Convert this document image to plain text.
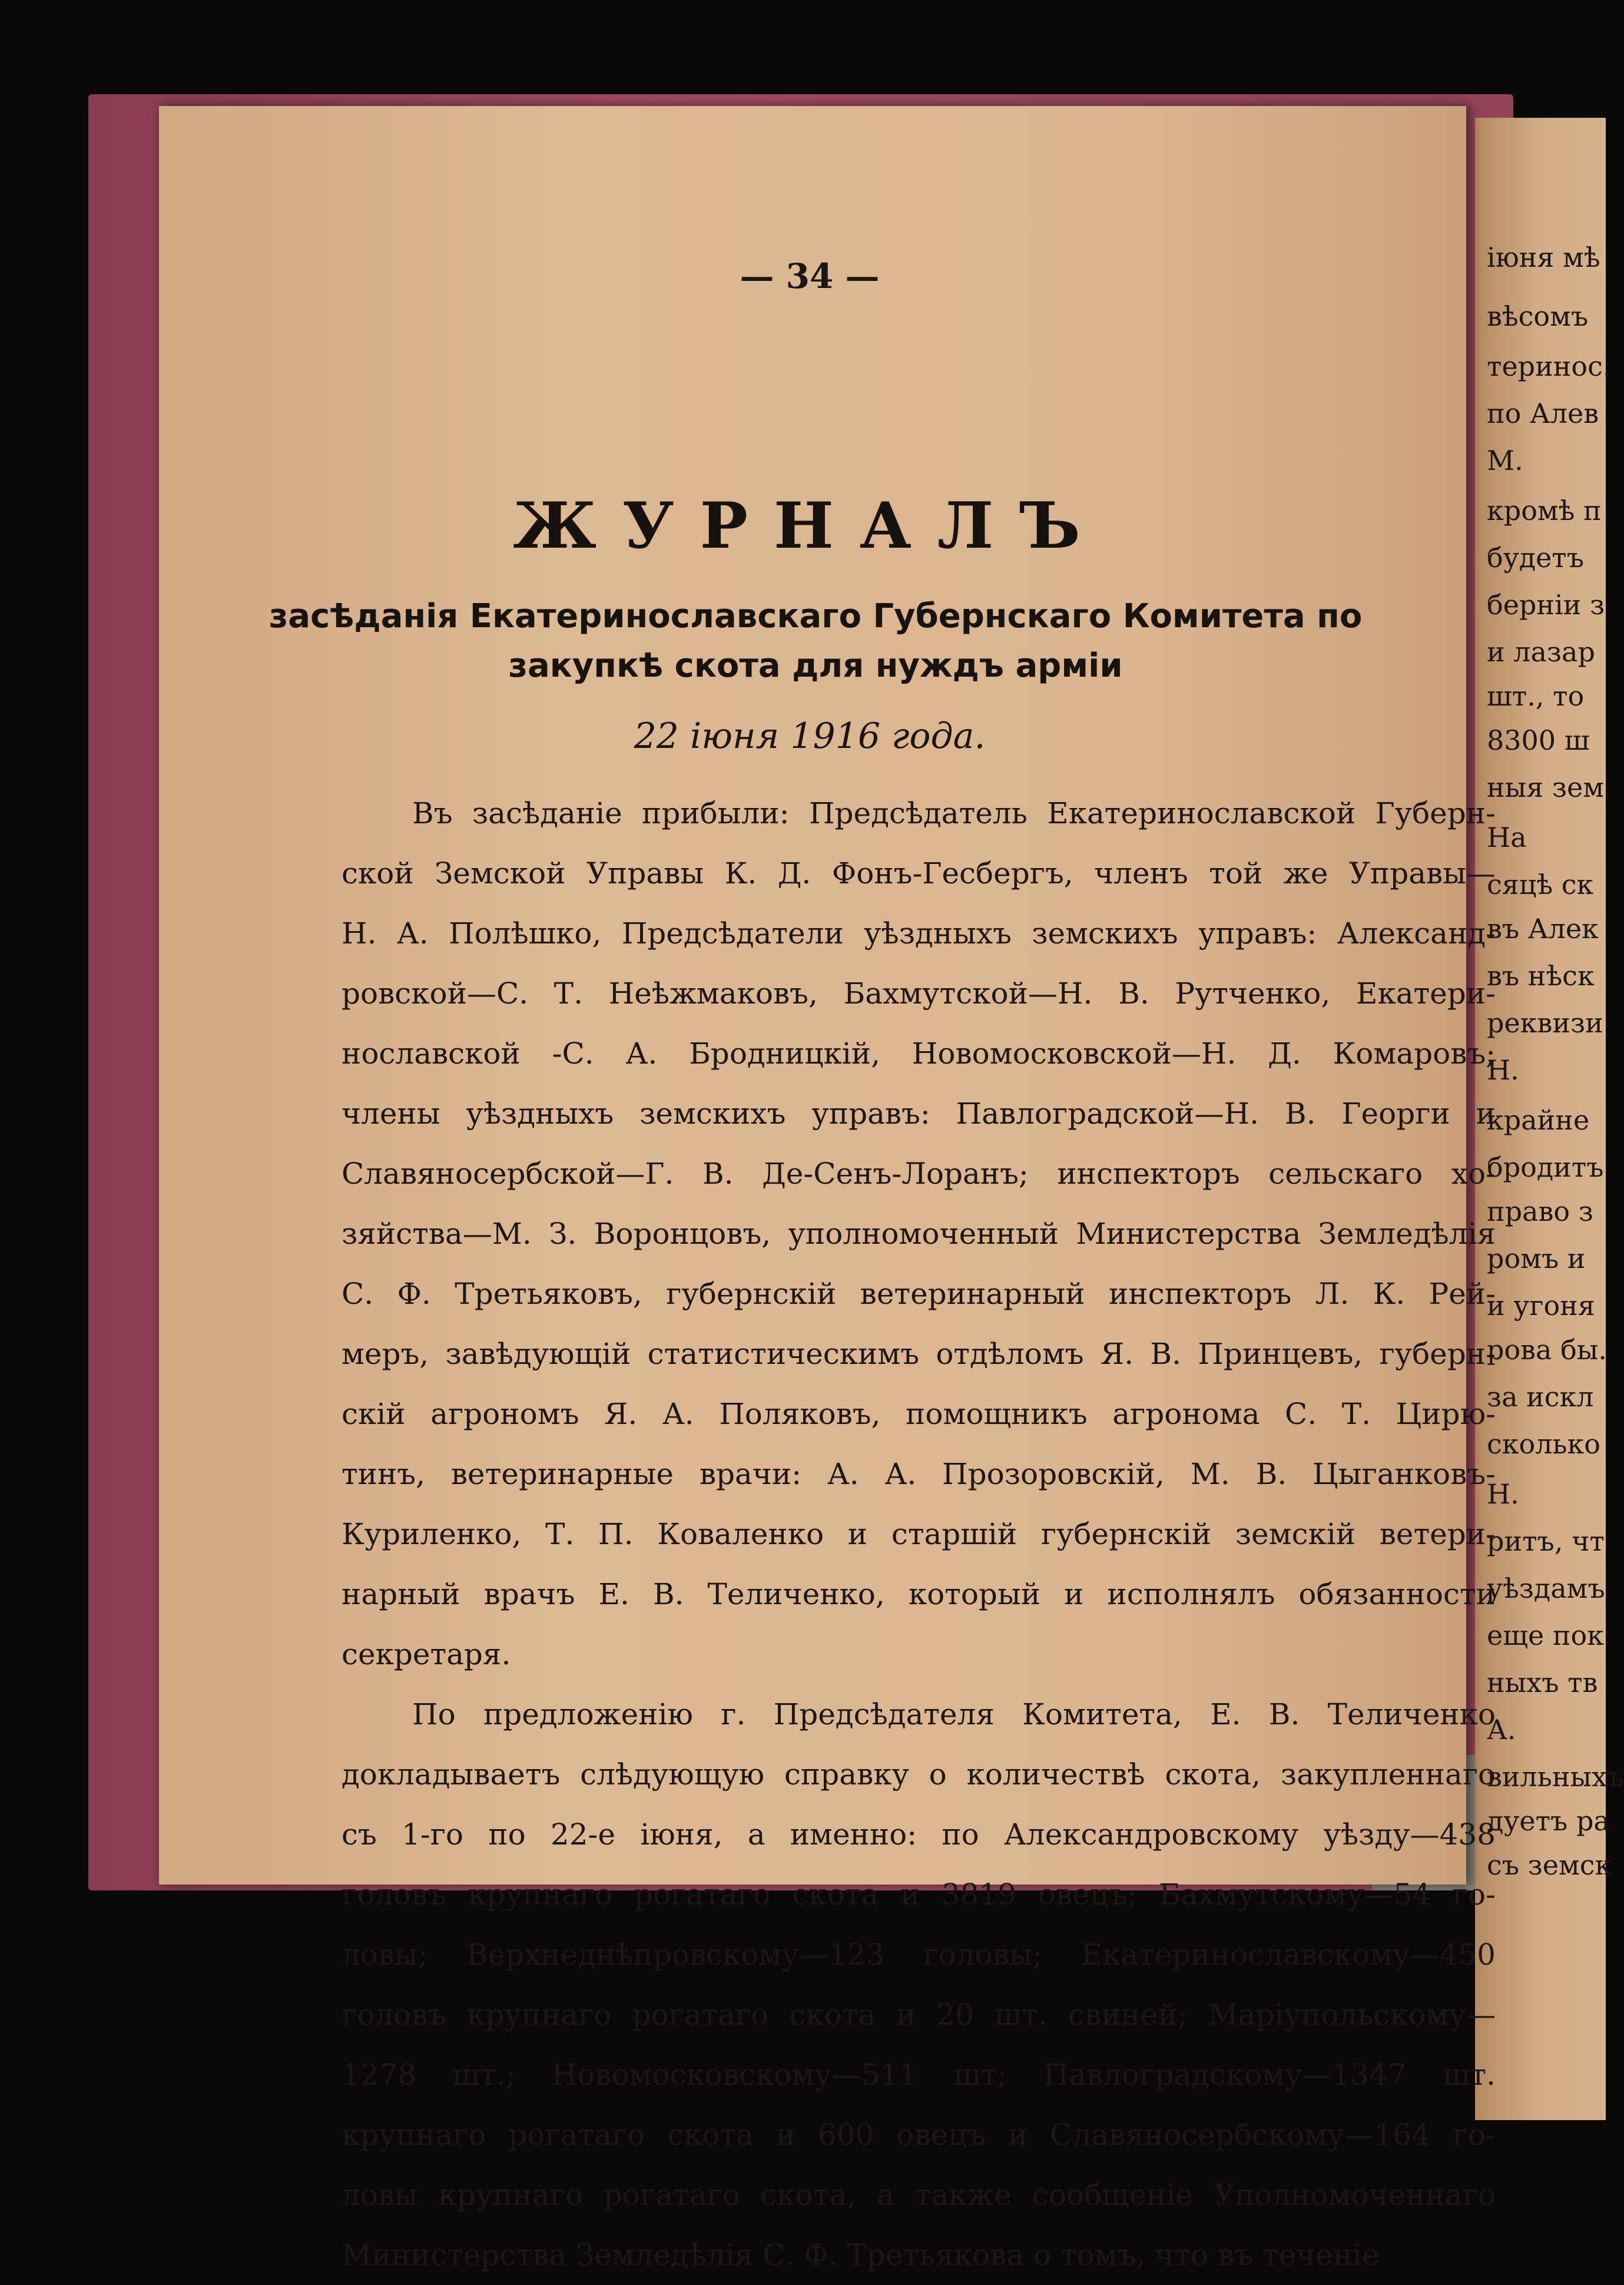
іюня мѣ
вѣсомъ
теринос.
по Алев
М.
кромѣ п
будетъ
берніи з
и лазар
шт., то
8300 ш
ныя зем
На
сяцѣ ск
въ Алек
въ нѣск
реквизи
Н.
крайне
бродитъ
право з
ромъ и
и угоня
рова бы.
за искл
сколько
Н.
ритъ, чт
уѣздамъ
еще пок
ныхъ тв
А.
вильныхъ
дуетъ ра
съ земск
— 34 —
ЖУРНАЛЪ
засѣданія Екатеринославскаго Губернскаго Комитета по
закупкѣ скота для нуждъ арміи
22 іюня 1916 года.
Въ засѣданіе прибыли: Предсѣдатель Екатеринославской Губерн-
ской Земской Управы К. Д. Фонъ-Гесбергъ, членъ той же Управы—
Н. А. Полѣшко, Предсѣдатели уѣздныхъ земскихъ управъ: Александ-
ровской—С. Т. Неѣжмаковъ, Бахмутской—Н. В. Рутченко, Екатери-
нославской -С. А. Бродницкій, Новомосковской—Н. Д. Комаровъ;
члены уѣздныхъ земскихъ управъ: Павлоградской—Н. В. Георги и
Славяносербской—Г. В. Де-Сенъ-Лоранъ; инспекторъ сельскаго хо-
зяйства—М. З. Воронцовъ, уполномоченный Министерства Земледѣлія
С. Ф. Третьяковъ, губернскій ветеринарный инспекторъ Л. К. Рей-
меръ, завѣдующій статистическимъ отдѣломъ Я. В. Принцевъ, губерн-
скій агрономъ Я. А. Поляковъ, помощникъ агронома С. Т. Цирю-
тинъ, ветеринарные врачи: А. А. Прозоровскій, М. В. Цыганковъ-
Куриленко, Т. П. Коваленко и старшій губернскій земскій ветери-
нарный врачъ Е. В. Теличенко, который и исполнялъ обязанности
секретаря.
По предложенію г. Предсѣдателя Комитета, Е. В. Теличенко
докладываетъ слѣдующую справку о количествѣ скота, закупленнаго
съ 1-го по 22-е іюня, а именно: по Александровскому уѣзду—438
головъ крупнаго рогатаго скота и 3819 овецъ; Бахмутскому—54 го-
ловы; Верхнеднѣпровскому—123 головы; Екатеринославскому—450
головъ крупнаго рогатаго скота и 20 шт. свиней; Маріупольскому—
1278 шт.; Новомосковскому—511 шт; Павлоградскому—1347 шт.
крупнаго рогатаго скота и 600 овецъ и Славяносербскому—164 го-
ловы крупнаго рогатаго скота, а также сообщеніе Уполномоченнаго
Министерства Земледѣлія С. Ф. Третьякова о томъ, что въ теченіе
